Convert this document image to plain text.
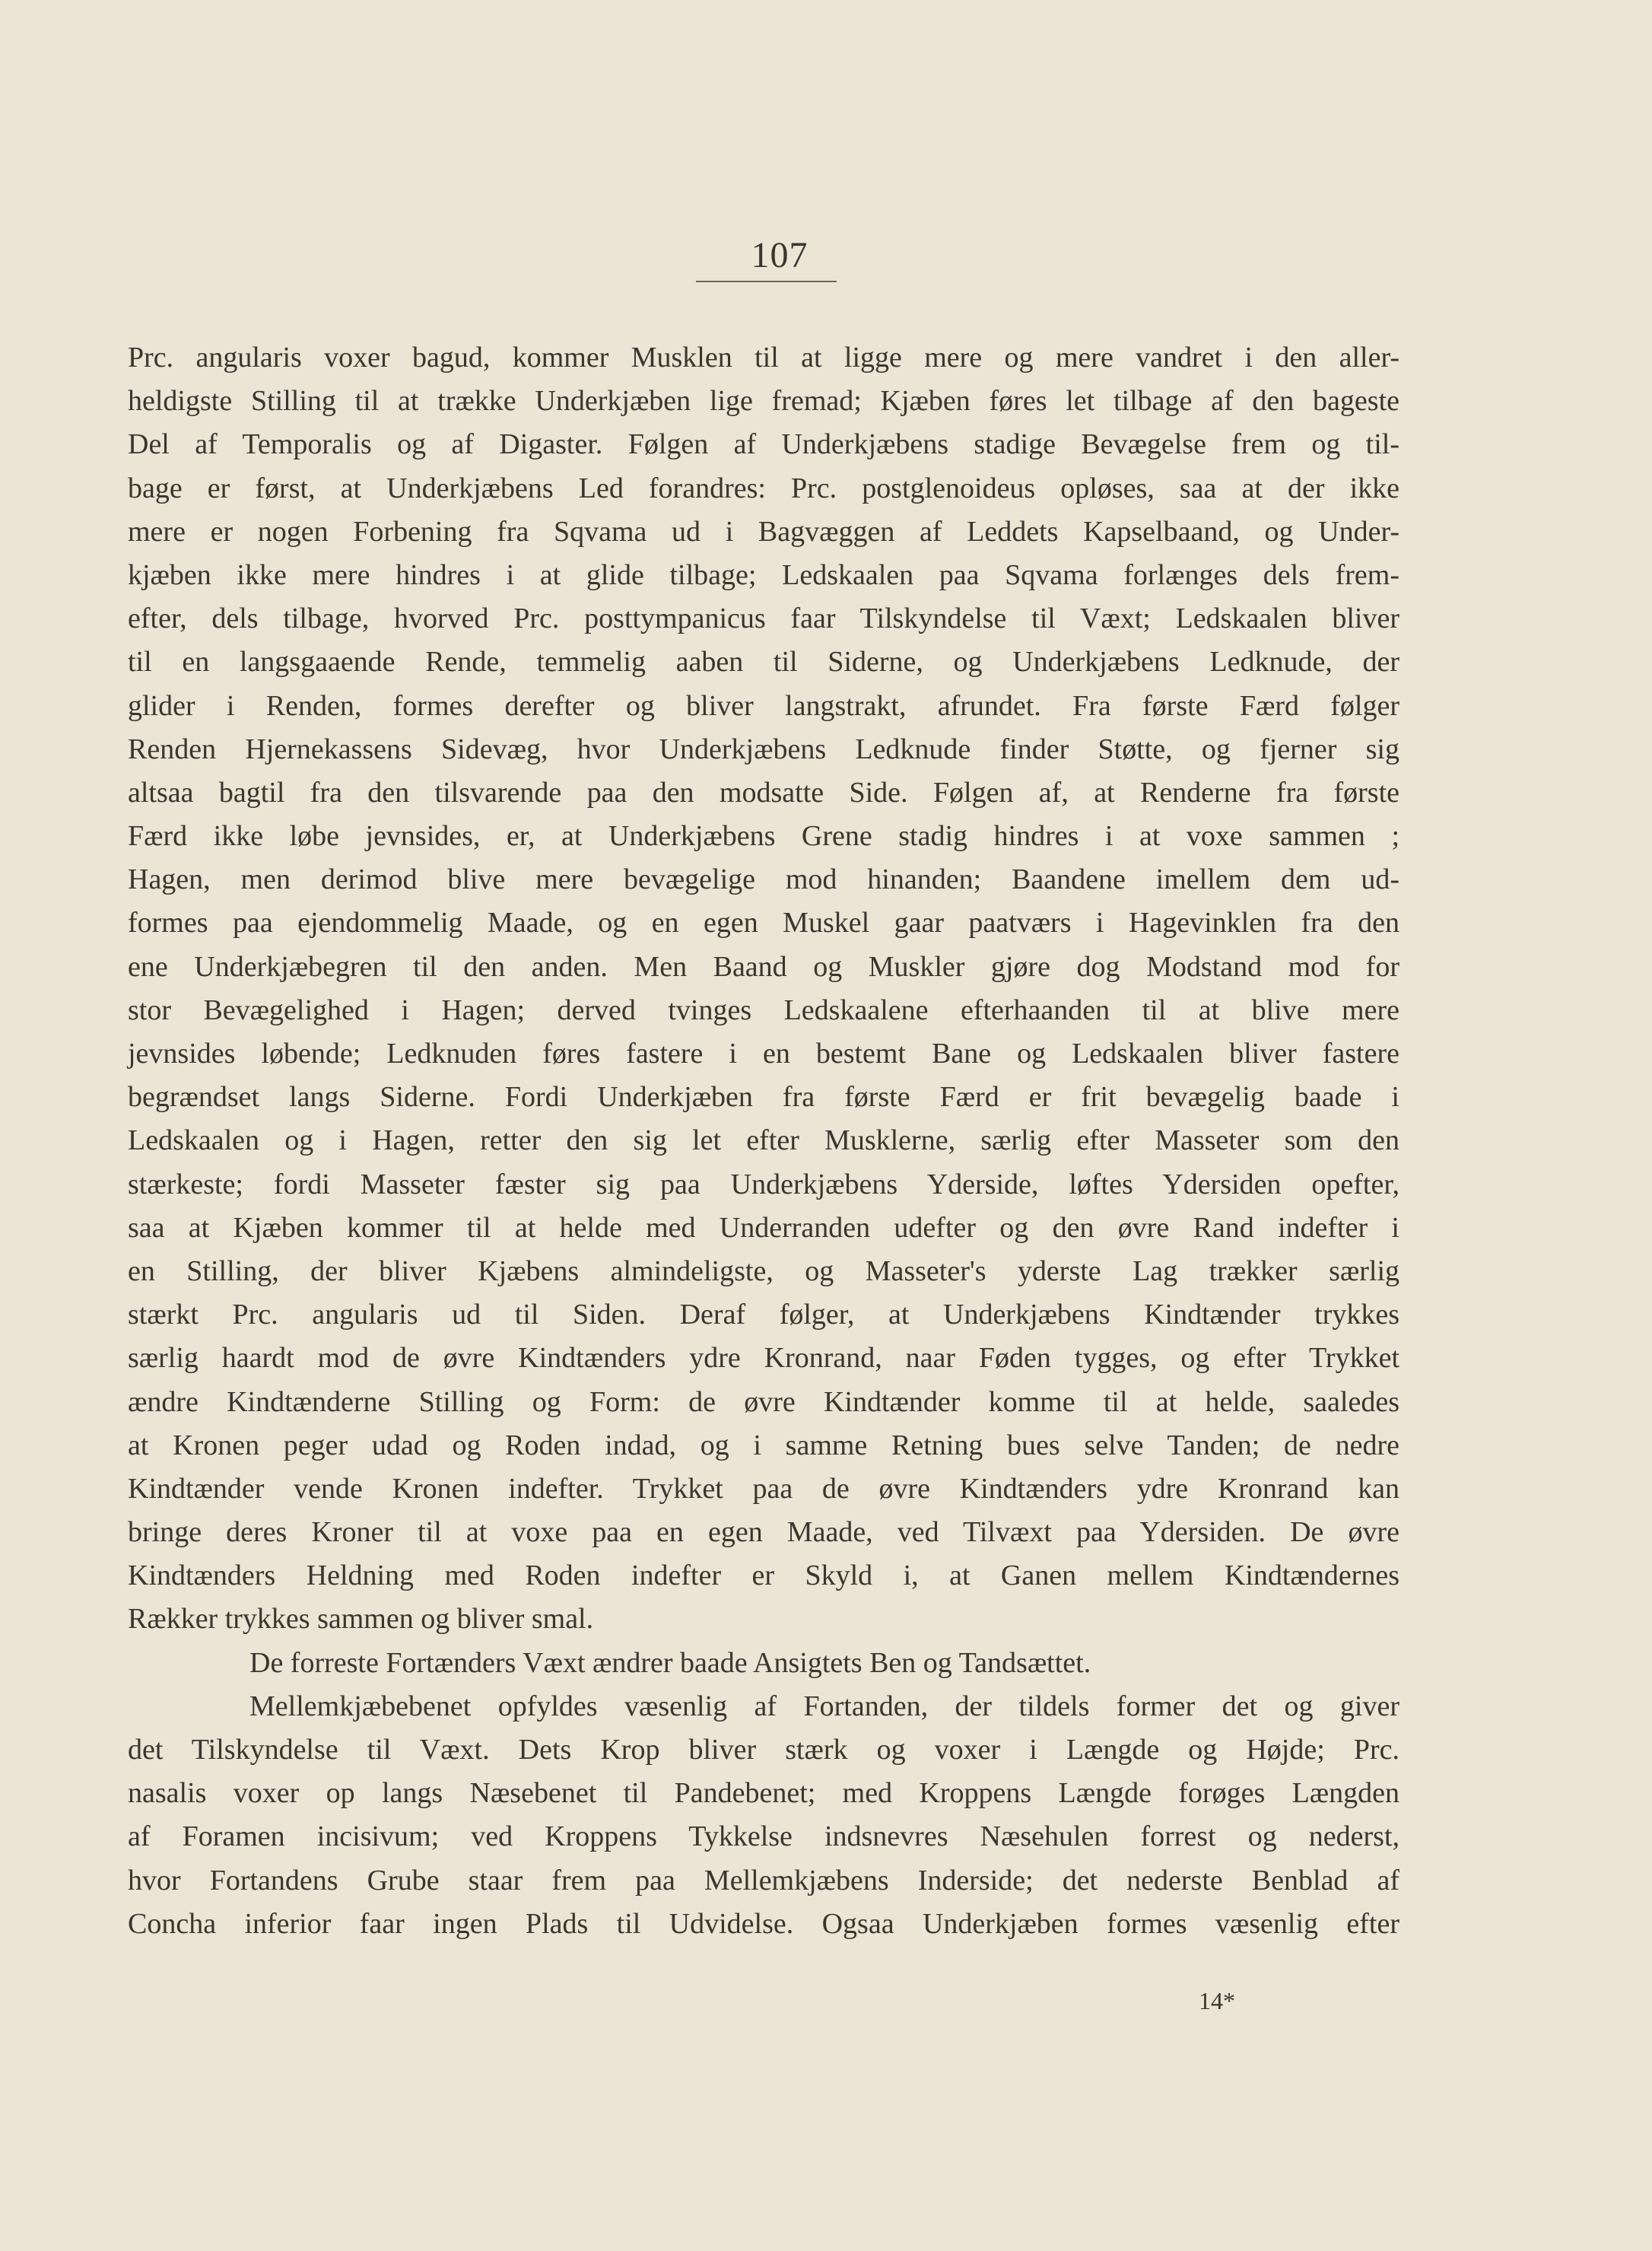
107
Prc. angularis voxer bagud, kommer Musklen til at ligge mere og mere vandret i den aller-
heldigste Stilling til at trække Underkjæben lige fremad; Kjæben føres let tilbage af den bageste
Del af Temporalis og af Digaster. Følgen af Underkjæbens stadige Bevægelse frem og til-
bage er først, at Underkjæbens Led forandres: Prc. postglenoideus opløses, saa at der ikke
mere er nogen Forbening fra Sqvama ud i Bagvæggen af Leddets Kapselbaand, og Under-
kjæben ikke mere hindres i at glide tilbage; Ledskaalen paa Sqvama forlænges dels frem-
efter, dels tilbage, hvorved Prc. posttympanicus faar Tilskyndelse til Væxt; Ledskaalen bliver
til en langsgaaende Rende, temmelig aaben til Siderne, og Underkjæbens Ledknude, der
glider i Renden, formes derefter og bliver langstrakt, afrundet. Fra første Færd følger
Renden Hjernekassens Sidevæg, hvor Underkjæbens Ledknude finder Støtte, og fjerner sig
altsaa bagtil fra den tilsvarende paa den modsatte Side. Følgen af, at Renderne fra første
Færd ikke løbe jevnsides, er, at Underkjæbens Grene stadig hindres i at voxe sammen ;
Hagen, men derimod blive mere bevægelige mod hinanden; Baandene imellem dem ud-
formes paa ejendommelig Maade, og en egen Muskel gaar paatværs i Hagevinklen fra den
ene Underkjæbegren til den anden. Men Baand og Muskler gjøre dog Modstand mod for
stor Bevægelighed i Hagen; derved tvinges Ledskaalene efterhaanden til at blive mere
jevnsides løbende; Ledknuden føres fastere i en bestemt Bane og Ledskaalen bliver fastere
begrændset langs Siderne. Fordi Underkjæben fra første Færd er frit bevægelig baade i
Ledskaalen og i Hagen, retter den sig let efter Musklerne, særlig efter Masseter som den
stærkeste; fordi Masseter fæster sig paa Underkjæbens Yderside, løftes Ydersiden opefter,
saa at Kjæben kommer til at helde med Underranden udefter og den øvre Rand indefter i
en Stilling, der bliver Kjæbens almindeligste, og Masseter's yderste Lag trækker særlig
stærkt Prc. angularis ud til Siden. Deraf følger, at Underkjæbens Kindtænder trykkes
særlig haardt mod de øvre Kindtænders ydre Kronrand, naar Føden tygges, og efter Trykket
ændre Kindtænderne Stilling og Form: de øvre Kindtænder komme til at helde, saaledes
at Kronen peger udad og Roden indad, og i samme Retning bues selve Tanden; de nedre
Kindtænder vende Kronen indefter. Trykket paa de øvre Kindtænders ydre Kronrand kan
bringe deres Kroner til at voxe paa en egen Maade, ved Tilvæxt paa Ydersiden. De øvre
Kindtænders Heldning med Roden indefter er Skyld i, at Ganen mellem Kindtændernes
Rækker trykkes sammen og bliver smal.
De forreste Fortænders Væxt ændrer baade Ansigtets Ben og Tandsættet.
Mellemkjæbebenet opfyldes væsenlig af Fortanden, der tildels former det og giver
det Tilskyndelse til Væxt. Dets Krop bliver stærk og voxer i Længde og Højde; Prc.
nasalis voxer op langs Næsebenet til Pandebenet; med Kroppens Længde forøges Længden
af Foramen incisivum; ved Kroppens Tykkelse indsnevres Næsehulen forrest og nederst,
hvor Fortandens Grube staar frem paa Mellemkjæbens Inderside; det nederste Benblad af
Concha inferior faar ingen Plads til Udvidelse. Ogsaa Underkjæben formes væsenlig efter
14*
